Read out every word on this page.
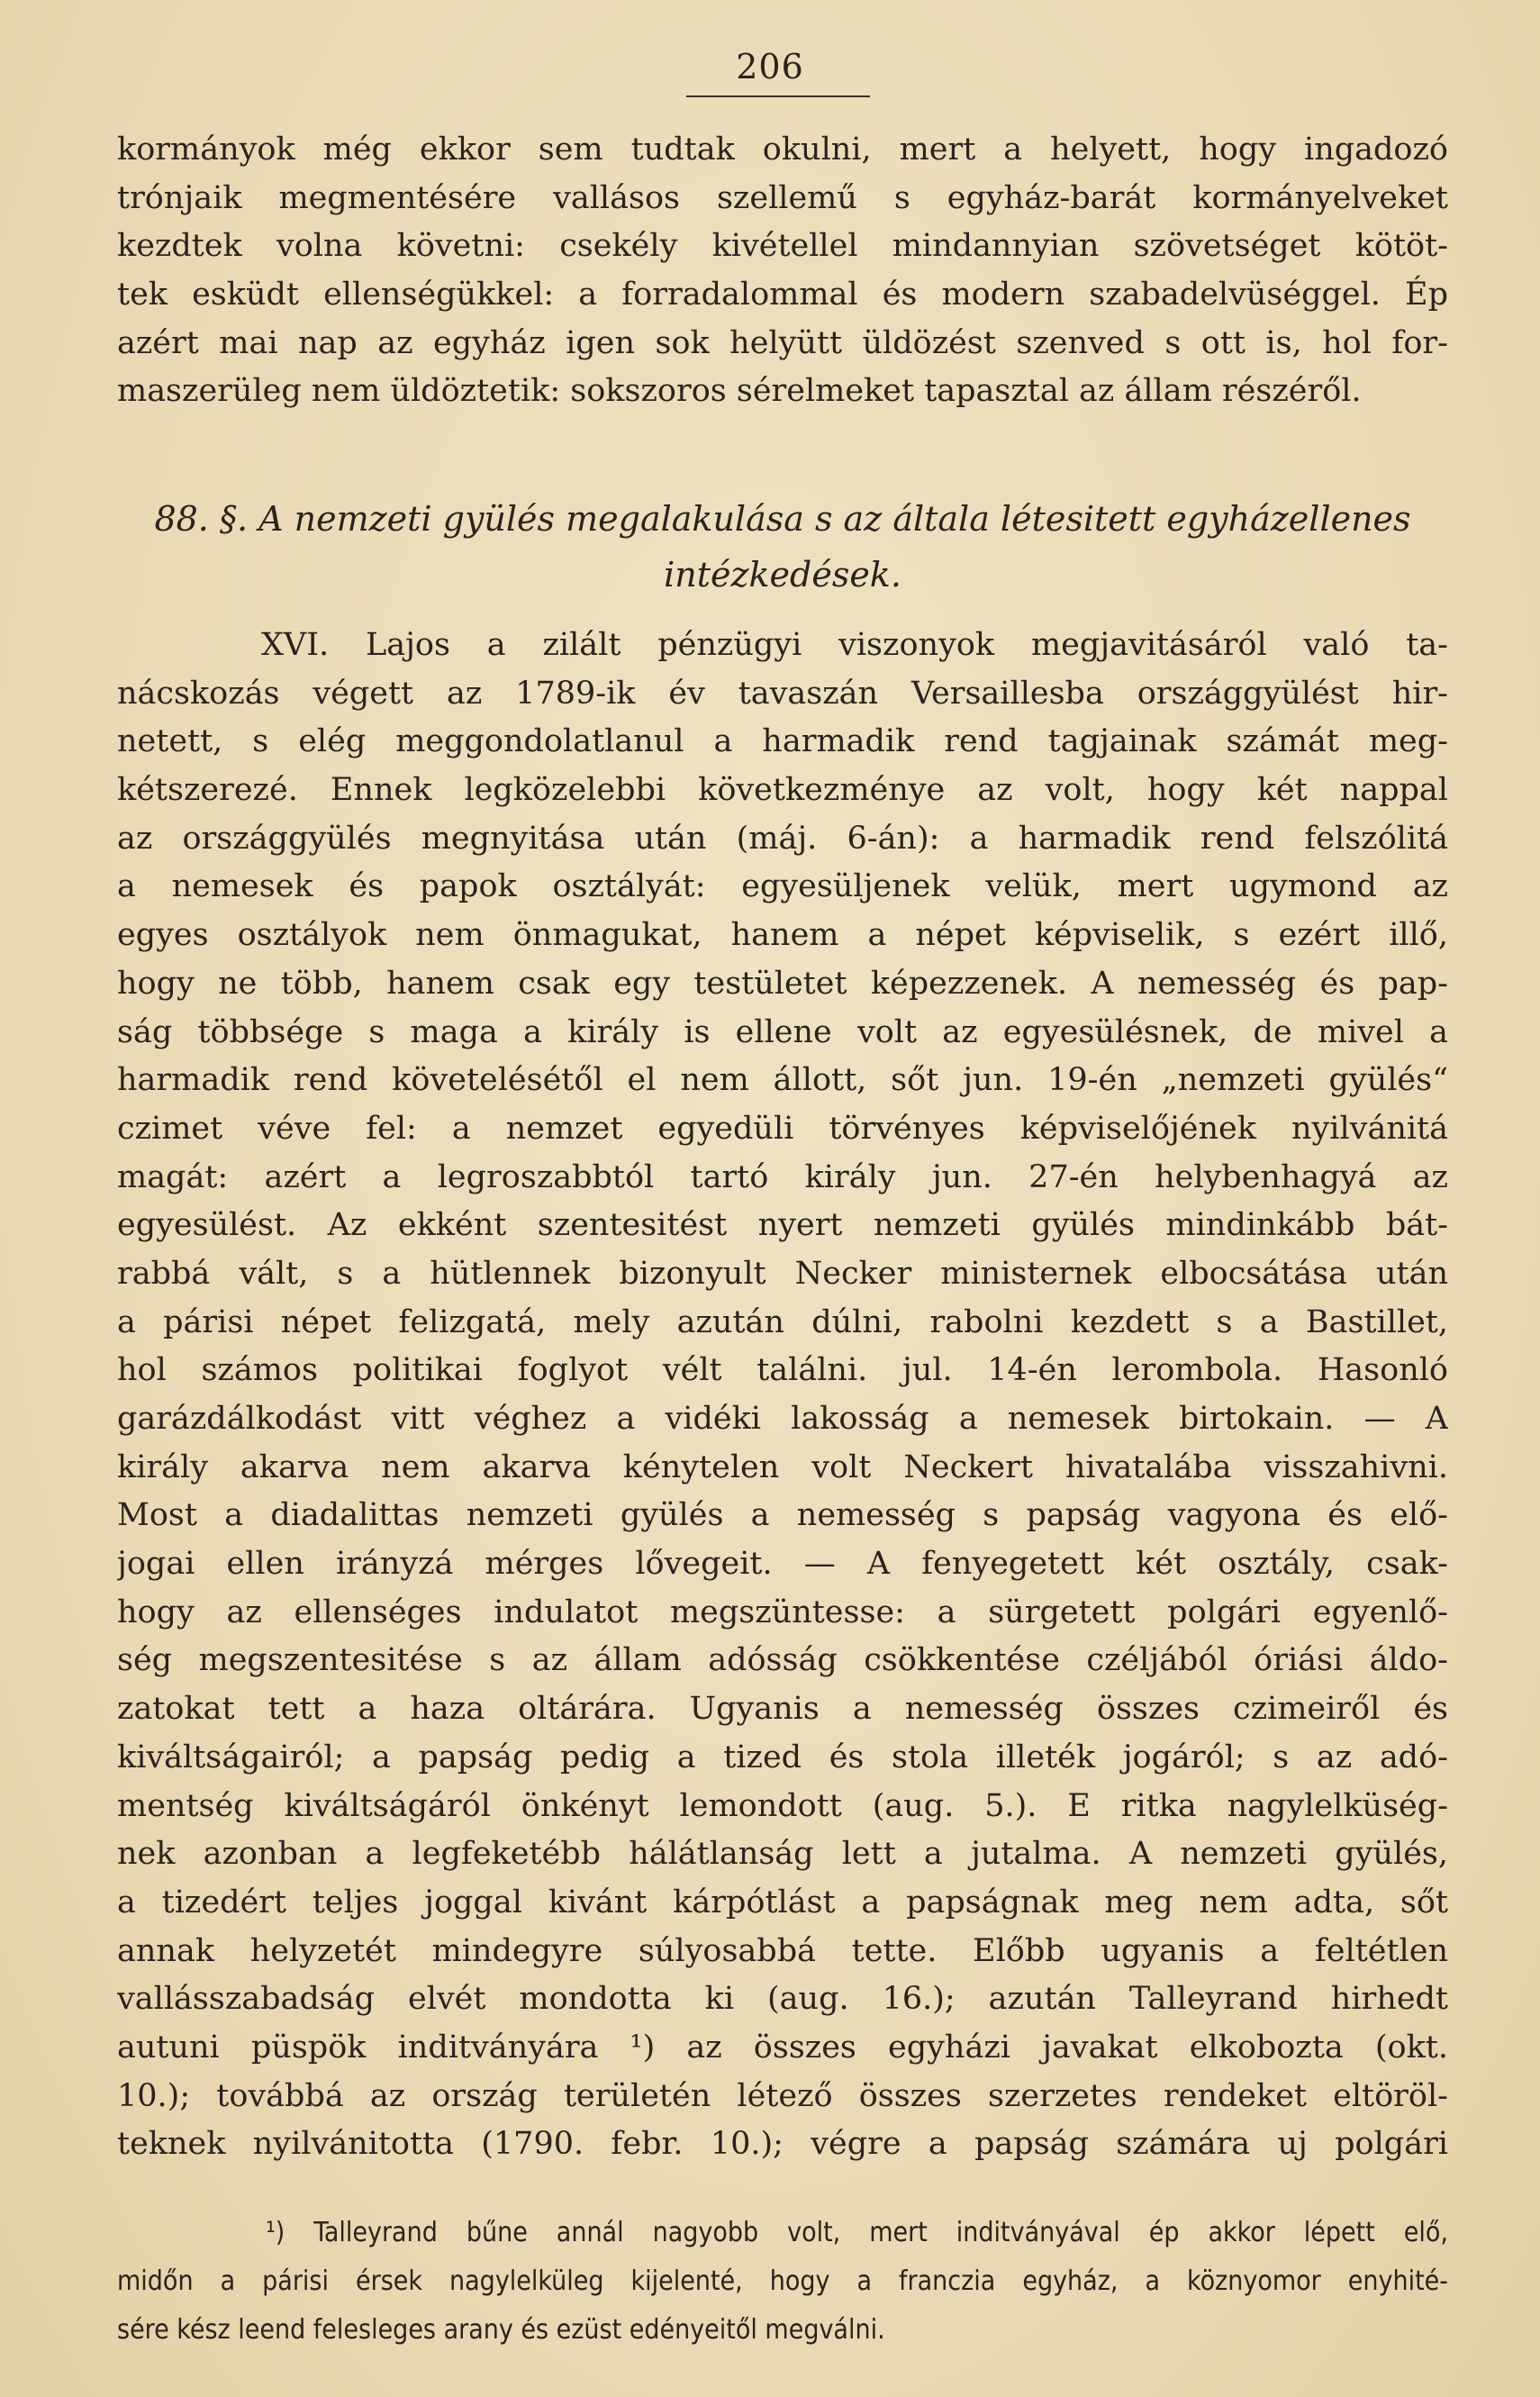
206
kormányok még ekkor sem tudtak okulni, mert a helyett, hogy ingadozó
trónjaik megmentésére vallásos szellemű s egyház-barát kormányelveket
kezdtek volna követni: csekély kivétellel mindannyian szövetséget kötöt-
tek esküdt ellenségükkel: a forradalommal és modern szabadelvüséggel. Ép
azért mai nap az egyház igen sok helyütt üldözést szenved s ott is, hol for-
maszerüleg nem üldöztetik: sokszoros sérelmeket tapasztal az állam részéről.
88. §. A nemzeti gyülés megalakulása s az általa létesitett egyházellenes
intézkedések.
XVI. Lajos a zilált pénzügyi viszonyok megjavitásáról való ta-
nácskozás végett az 1789-ik év tavaszán Versaillesba országgyülést hir-
netett, s elég meggondolatlanul a harmadik rend tagjainak számát meg-
kétszerezé. Ennek legközelebbi következménye az volt, hogy két nappal
az országgyülés megnyitása után (máj. 6-án): a harmadik rend felszólitá
a nemesek és papok osztályát: egyesüljenek velük, mert ugymond az
egyes osztályok nem önmagukat, hanem a népet képviselik, s ezért illő,
hogy ne több, hanem csak egy testületet képezzenek. A nemesség és pap-
ság többsége s maga a király is ellene volt az egyesülésnek, de mivel a
harmadik rend követelésétől el nem állott, sőt jun. 19-én „nemzeti gyülés“
czimet véve fel: a nemzet egyedüli törvényes képviselőjének nyilvánitá
magát: azért a legroszabbtól tartó király jun. 27-én helybenhagyá az
egyesülést. Az ekként szentesitést nyert nemzeti gyülés mindinkább bát-
rabbá vált, s a hütlennek bizonyult Necker ministernek elbocsátása után
a párisi népet felizgatá, mely azután dúlni, rabolni kezdett s a Bastillet,
hol számos politikai foglyot vélt találni. jul. 14-én lerombola. Hasonló
garázdálkodást vitt véghez a vidéki lakosság a nemesek birtokain. — A
király akarva nem akarva kénytelen volt Neckert hivatalába visszahivni.
Most a diadalittas nemzeti gyülés a nemesség s papság vagyona és elő-
jogai ellen irányzá mérges lővegeit. — A fenyegetett két osztály, csak-
hogy az ellenséges indulatot megszüntesse: a sürgetett polgári egyenlő-
ség megszentesitése s az állam adósság csökkentése czéljából óriási áldo-
zatokat tett a haza oltárára. Ugyanis a nemesség összes czimeiről és
kiváltságairól; a papság pedig a tized és stola illeték jogáról; s az adó-
mentség kiváltságáról önkényt lemondott (aug. 5.). E ritka nagylelküség-
nek azonban a legfeketébb hálátlanság lett a jutalma. A nemzeti gyülés,
a tizedért teljes joggal kivánt kárpótlást a papságnak meg nem adta, sőt
annak helyzetét mindegyre súlyosabbá tette. Előbb ugyanis a feltétlen
vallásszabadság elvét mondotta ki (aug. 16.); azután Talleyrand hirhedt
autuni püspök inditványára ¹) az összes egyházi javakat elkobozta (okt.
10.); továbbá az ország területén létező összes szerzetes rendeket eltöröl-
teknek nyilvánitotta (1790. febr. 10.); végre a papság számára uj polgári
¹) Talleyrand bűne annál nagyobb volt, mert inditványával ép akkor lépett elő,
midőn a párisi érsek nagylelküleg kijelenté, hogy a franczia egyház, a köznyomor enyhité-
sére kész leend felesleges arany és ezüst edényeitől megválni.
